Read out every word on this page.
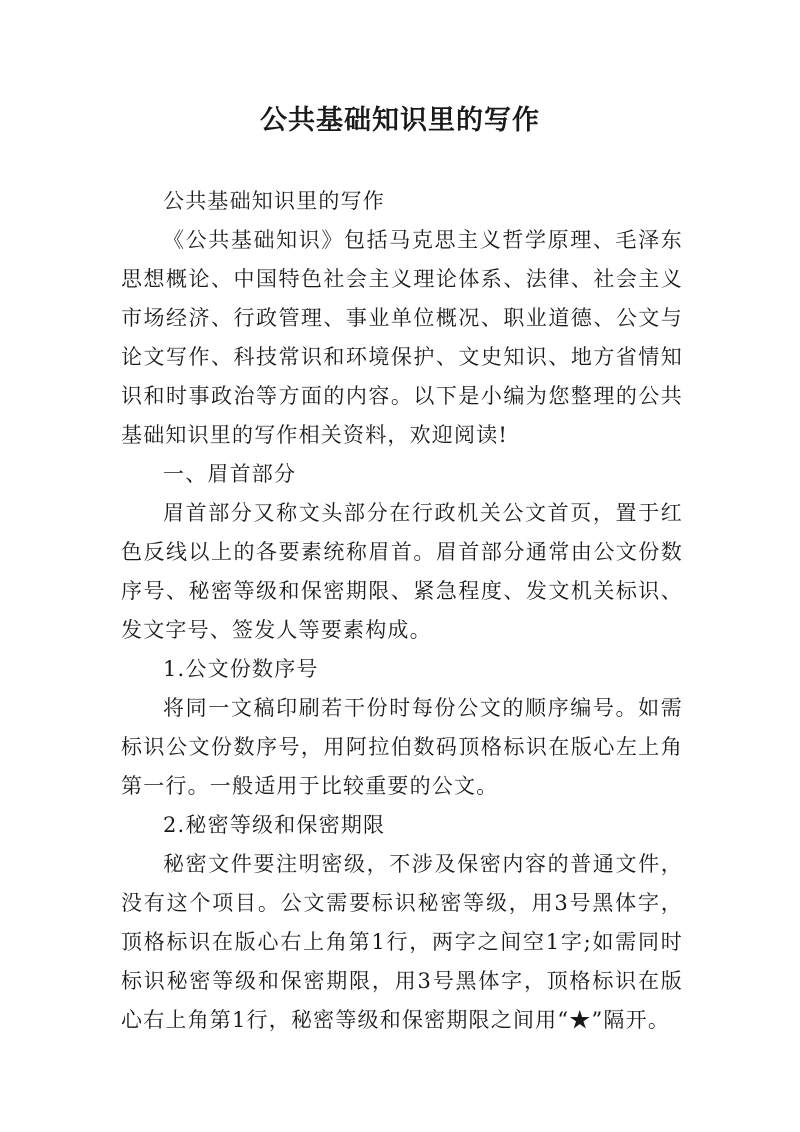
公共基础知识里的写作

公共基础知识里的写作

《公共基础知识》包括马克思主义哲学原理、毛泽东思想概论、中国特色社会主义理论体系、法律、社会主义市场经济、行政管理、事业单位概况、职业道德、公文与论文写作、科技常识和环境保护、文史知识、地方省情知识和时事政治等方面的内容。以下是小编为您整理的公共基础知识里的写作相关资料，欢迎阅读!

一、眉首部分

眉首部分又称文头部分在行政机关公文首页，置于红色反线以上的各要素统称眉首。眉首部分通常由公文份数序号、秘密等级和保密期限、紧急程度、发文机关标识、发文字号、签发人等要素构成。

1.公文份数序号

将同一文稿印刷若干份时每份公文的顺序编号。如需标识公文份数序号，用阿拉伯数码顶格标识在版心左上角第一行。一般适用于比较重要的公文。

2.秘密等级和保密期限

秘密文件要注明密级，不涉及保密内容的普通文件，没有这个项目。公文需要标识秘密等级，用3号黑体字，顶格标识在版心右上角第1行，两字之间空1字;如需同时标识秘密等级和保密期限，用3号黑体字，顶格标识在版心右上角第1行，秘密等级和保密期限之间用“★”隔开。
